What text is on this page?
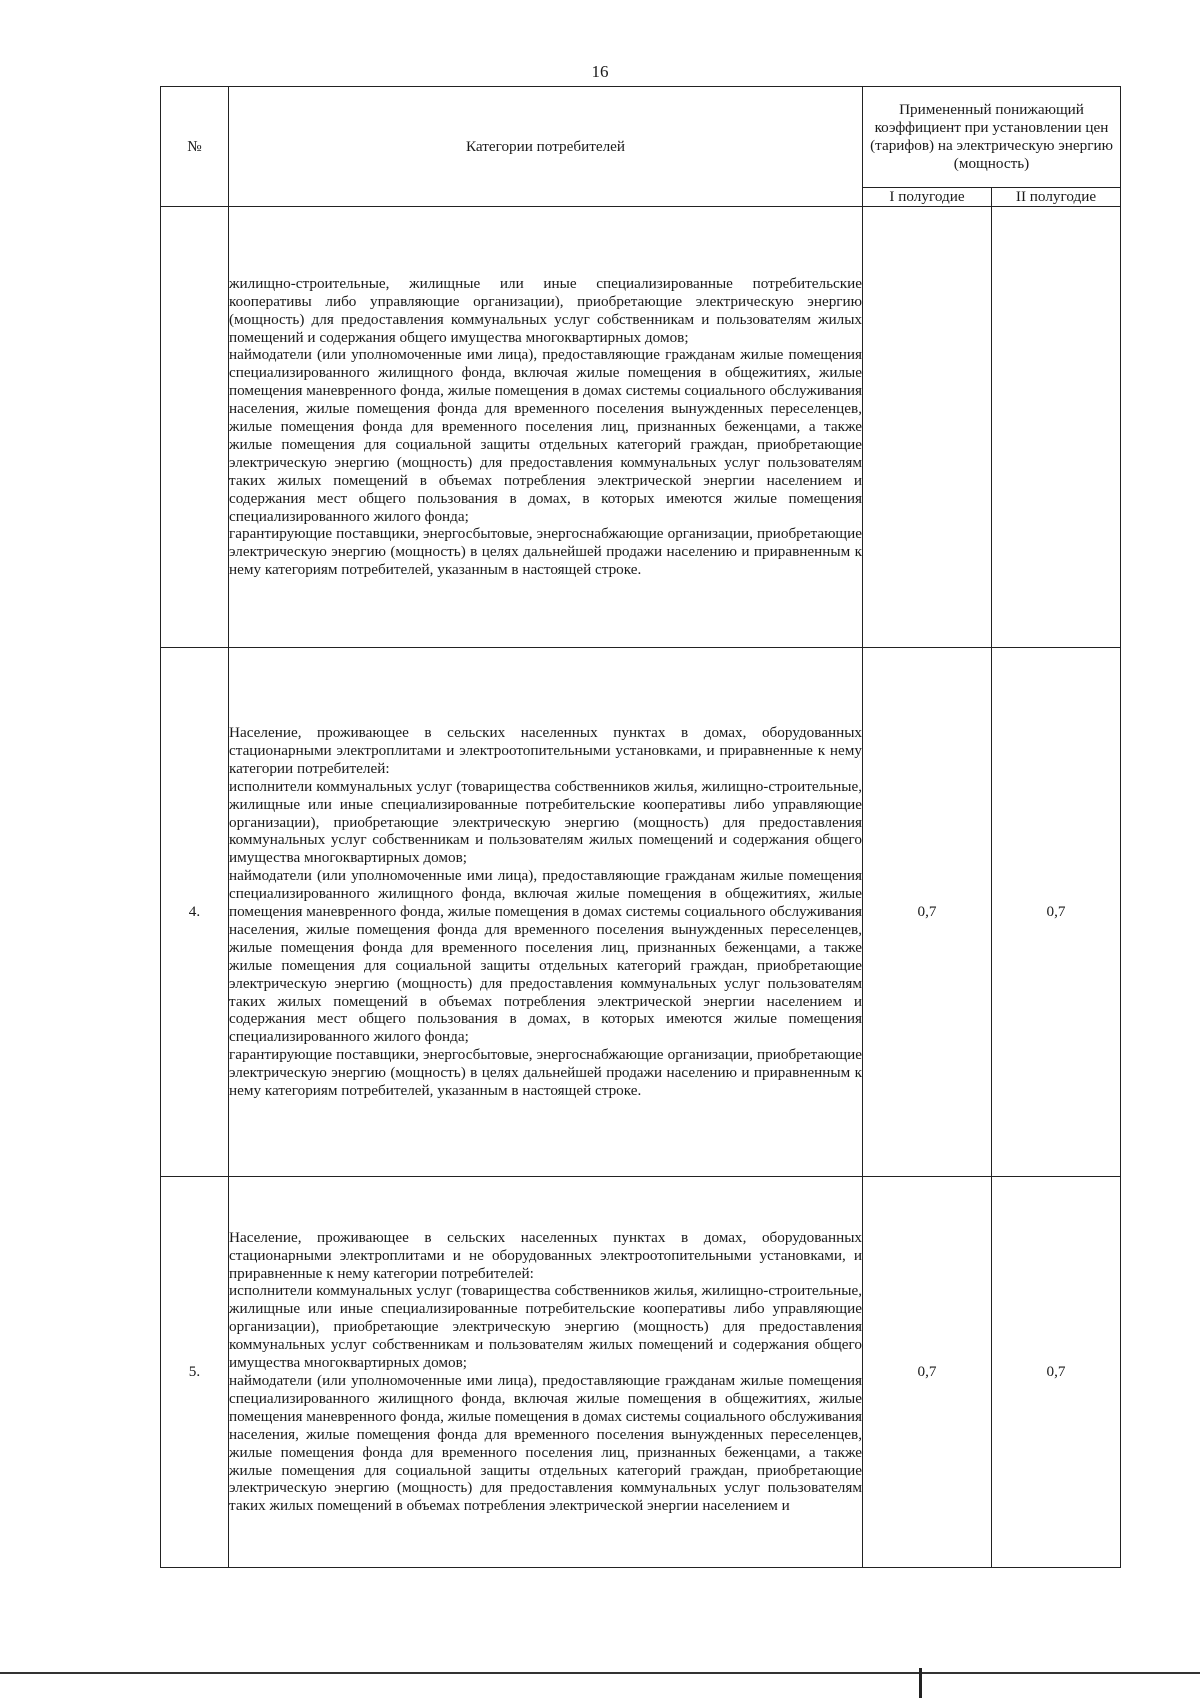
16
№	Категории потребителей	Примененный понижающий коэффициент при установлении цен (тарифов) на электрическую энергию (мощность)	
		I полугодие	II полугодие

	жилищно-строительные, жилищные или иные специализированные потребительские кооперативы либо управляющие организации), приобретающие электрическую энергию (мощность) для предоставления коммунальных услуг собственникам и пользователям жилых помещений и содержания общего имущества многоквартирных домов;

наймодатели (или уполномоченные ими лица), предоставляющие гражданам жилые помещения специализированного жилищного фонда, включая жилые помещения в общежитиях, жилые помещения маневренного фонда, жилые помещения в домах системы социального обслуживания населения, жилые помещения фонда для временного поселения вынужденных переселенцев, жилые помещения фонда для временного поселения лиц, признанных беженцами, а также жилые помещения для социальной защиты отдельных категорий граждан, приобретающие электрическую энергию (мощность) для предоставления коммунальных услуг пользователям таких жилых помещений в объемах потребления электрической энергии населением и содержания мест общего пользования в домах, в которых имеются жилые помещения специализированного жилого фонда;

гарантирующие поставщики, энергосбытовые, энергоснабжающие организации, приобретающие электрическую энергию (мощность) в целях дальнейшей продажи населению и приравненным к нему категориям потребителей, указанным в настоящей строке.		

4.	Население, проживающее в сельских населенных пунктах в домах, оборудованных стационарными электроплитами и электроотопительными установками, и приравненные к нему категории потребителей:

исполнители коммунальных услуг (товарищества собственников жилья, жилищно-строительные, жилищные или иные специализированные потребительские кооперативы либо управляющие организации), приобретающие электрическую энергию (мощность) для предоставления коммунальных услуг собственникам и пользователям жилых помещений и содержания общего имущества многоквартирных домов;

наймодатели (или уполномоченные ими лица), предоставляющие гражданам жилые помещения специализированного жилищного фонда, включая жилые помещения в общежитиях, жилые помещения маневренного фонда, жилые помещения в домах системы социального обслуживания населения, жилые помещения фонда для временного поселения вынужденных переселенцев, жилые помещения фонда для временного поселения лиц, признанных беженцами, а также жилые помещения для социальной защиты отдельных категорий граждан, приобретающие электрическую энергию (мощность) для предоставления коммунальных услуг пользователям таких жилых помещений в объемах потребления электрической энергии населением и содержания мест общего пользования в домах, в которых имеются жилые помещения специализированного жилого фонда;

гарантирующие поставщики, энергосбытовые, энергоснабжающие организации, приобретающие электрическую энергию (мощность) в целях дальнейшей продажи населению и приравненным к нему категориям потребителей, указанным в настоящей строке.	0,7	0,7
5.	Население, проживающее в сельских населенных пунктах в домах, оборудованных стационарными электроплитами и не оборудованных электроотопительными установками, и приравненные к нему категории потребителей:

исполнители коммунальных услуг (товарищества собственников жилья, жилищно-строительные, жилищные или иные специализированные потребительские кооперативы либо управляющие организации), приобретающие электрическую энергию (мощность) для предоставления коммунальных услуг собственникам и пользователям жилых помещений и содержания общего имущества многоквартирных домов;

наймодатели (или уполномоченные ими лица), предоставляющие гражданам жилые помещения специализированного жилищного фонда, включая жилые помещения в общежитиях, жилые помещения маневренного фонда, жилые помещения в домах системы социального обслуживания населения, жилые помещения фонда для временного поселения вынужденных переселенцев, жилые помещения фонда для временного поселения лиц, признанных беженцами, а также жилые помещения для социальной защиты отдельных категорий граждан, приобретающие электрическую энергию (мощность) для предоставления коммунальных услуг пользователям таких жилых помещений в объемах потребления электрической энергии населением и	0,7	0,7
